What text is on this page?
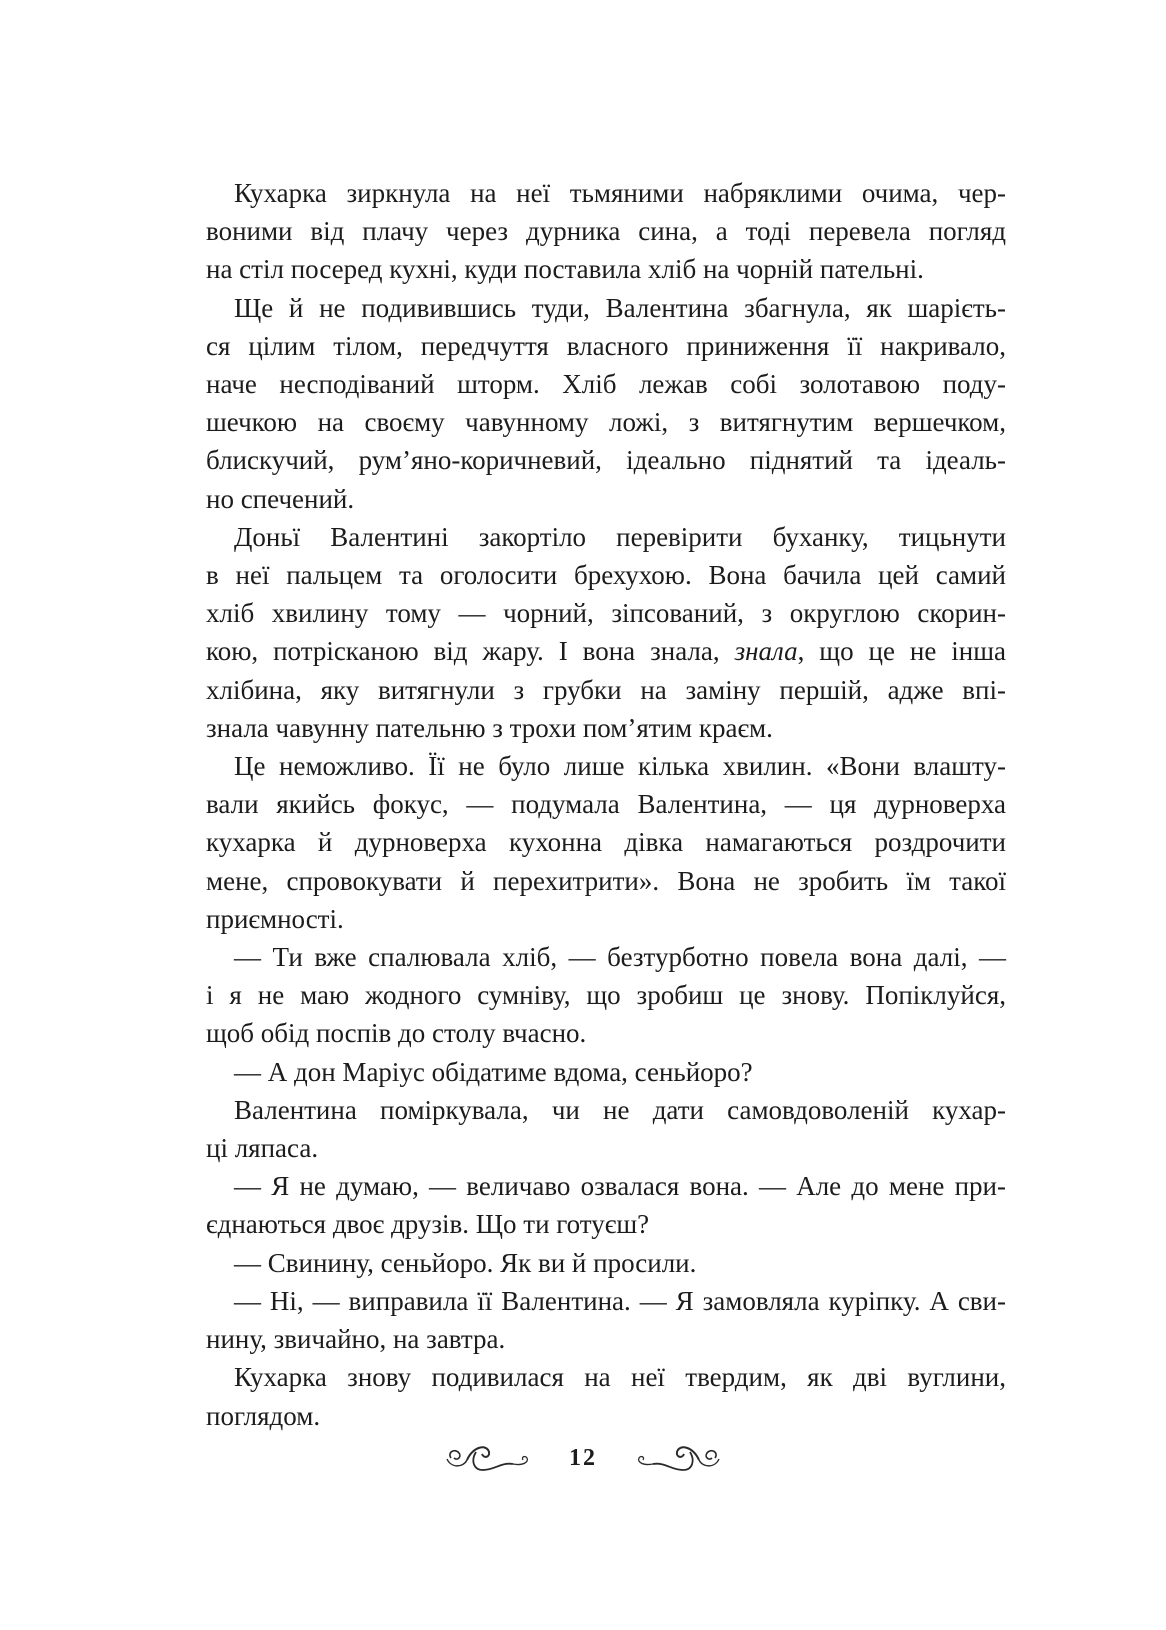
Кухарка зиркнула на неї тьмяними набряклими очима, чер-
воними від плачу через дурника сина, а тоді перевела погляд
на стіл посеред кухні, куди поставила хліб на чорній пательні.
Ще й не подивившись туди, Валентина збагнула, як шарієть-
ся цілим тілом, передчуття власного приниження її накривало,
наче несподіваний шторм. Хліб лежав собі золотавою поду-
шечкою на своєму чавунному ложі, з витягнутим вершечком,
блискучий, рум’яно-коричневий, ідеально піднятий та ідеаль-
но спечений.
Доньї Валентині закортіло перевірити буханку, тицьнути
в неї пальцем та оголосити брехухою. Вона бачила цей самий
хліб хвилину тому — чорний, зіпсований, з округлою скорин-
кою, потрісканою від жару. І вона знала, знала, що це не інша
хлібина, яку витягнули з грубки на заміну першій, адже впі-
знала чавунну пательню з трохи пом’ятим краєм.
Це неможливо. Її не було лише кілька хвилин. «Вони влашту-
вали якийсь фокус, — подумала Валентина, — ця дурноверха
кухарка й дурноверха кухонна дівка намагаються роздрочити
мене, спровокувати й перехитрити». Вона не зробить їм такої
приємності.
— Ти вже спалювала хліб, — безтурботно повела вона далі, —
і я не маю жодного сумніву, що зробиш це знову. Попіклуйся,
щоб обід поспів до столу вчасно.
— А дон Маріус обідатиме вдома, сеньйоро?
Валентина поміркувала, чи не дати самовдоволеній кухар-
ці ляпаса.
— Я не думаю, — величаво озвалася вона. — Але до мене при-
єднаються двоє друзів. Що ти готуєш?
— Свинину, сеньйоро. Як ви й просили.
— Ні, — виправила її Валентина. — Я замовляла куріпку. А сви-
нину, звичайно, на завтра.
Кухарка знову подивилася на неї твердим, як дві вуглини,
поглядом.
12
